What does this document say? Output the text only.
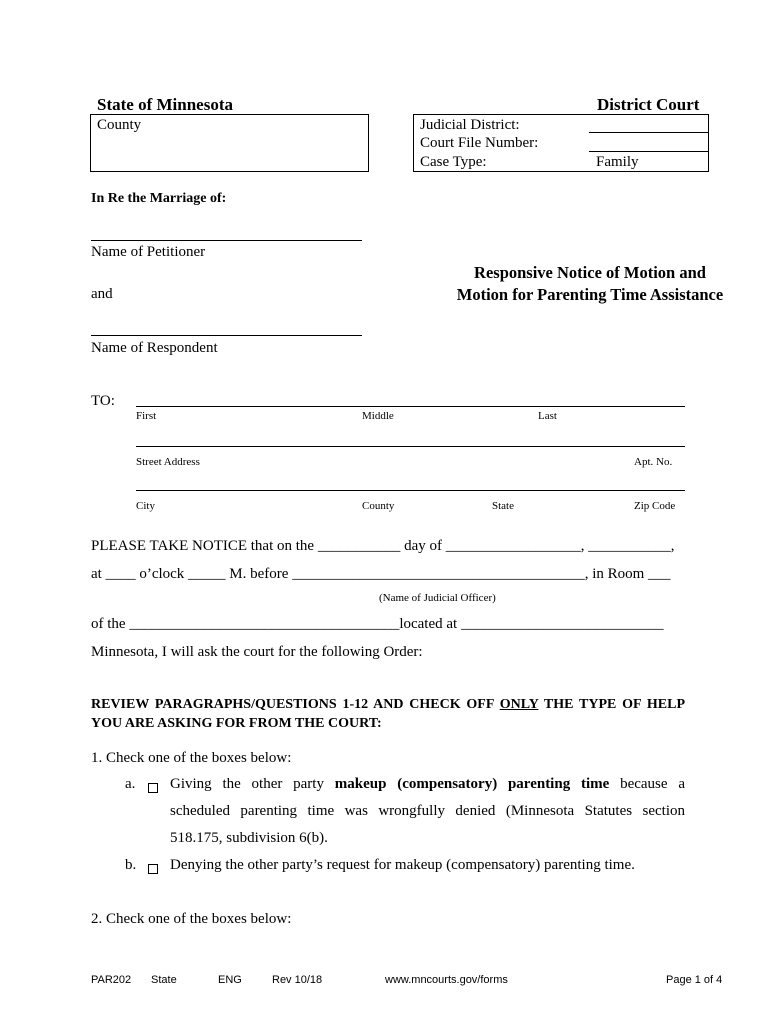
State of Minnesota	District Court
County	Judicial District:
Court File Number:
Case Type:	Family
In Re the Marriage of:
Name of Petitioner
and
Name of Respondent
Responsive Notice of Motion and
Motion for Parenting Time Assistance
TO:
First	Middle	Last
Street Address	Apt. No.
City	County	State	Zip Code
PLEASE TAKE NOTICE that on the ___________ day of __________________, ___________,
at ____ o’clock _____ M. before _______________________________________, in Room ___
(Name of Judicial Officer)
of the ____________________________________located at ___________________________
Minnesota, I will ask the court for the following Order:
REVIEW PARAGRAPHS/QUESTIONS 1-12 AND CHECK OFF ONLY THE TYPE OF HELP YOU ARE ASKING FOR FROM THE COURT:
1. Check one of the boxes below:
a. Giving the other party makeup (compensatory) parenting time because a scheduled parenting time was wrongfully denied (Minnesota Statutes section 518.175, subdivision 6(b).
b. Denying the other party’s request for makeup (compensatory) parenting time.
2. Check one of the boxes below:
PAR202 State	ENG	Rev 10/18	www.mncourts.gov/forms	Page 1 of 4
